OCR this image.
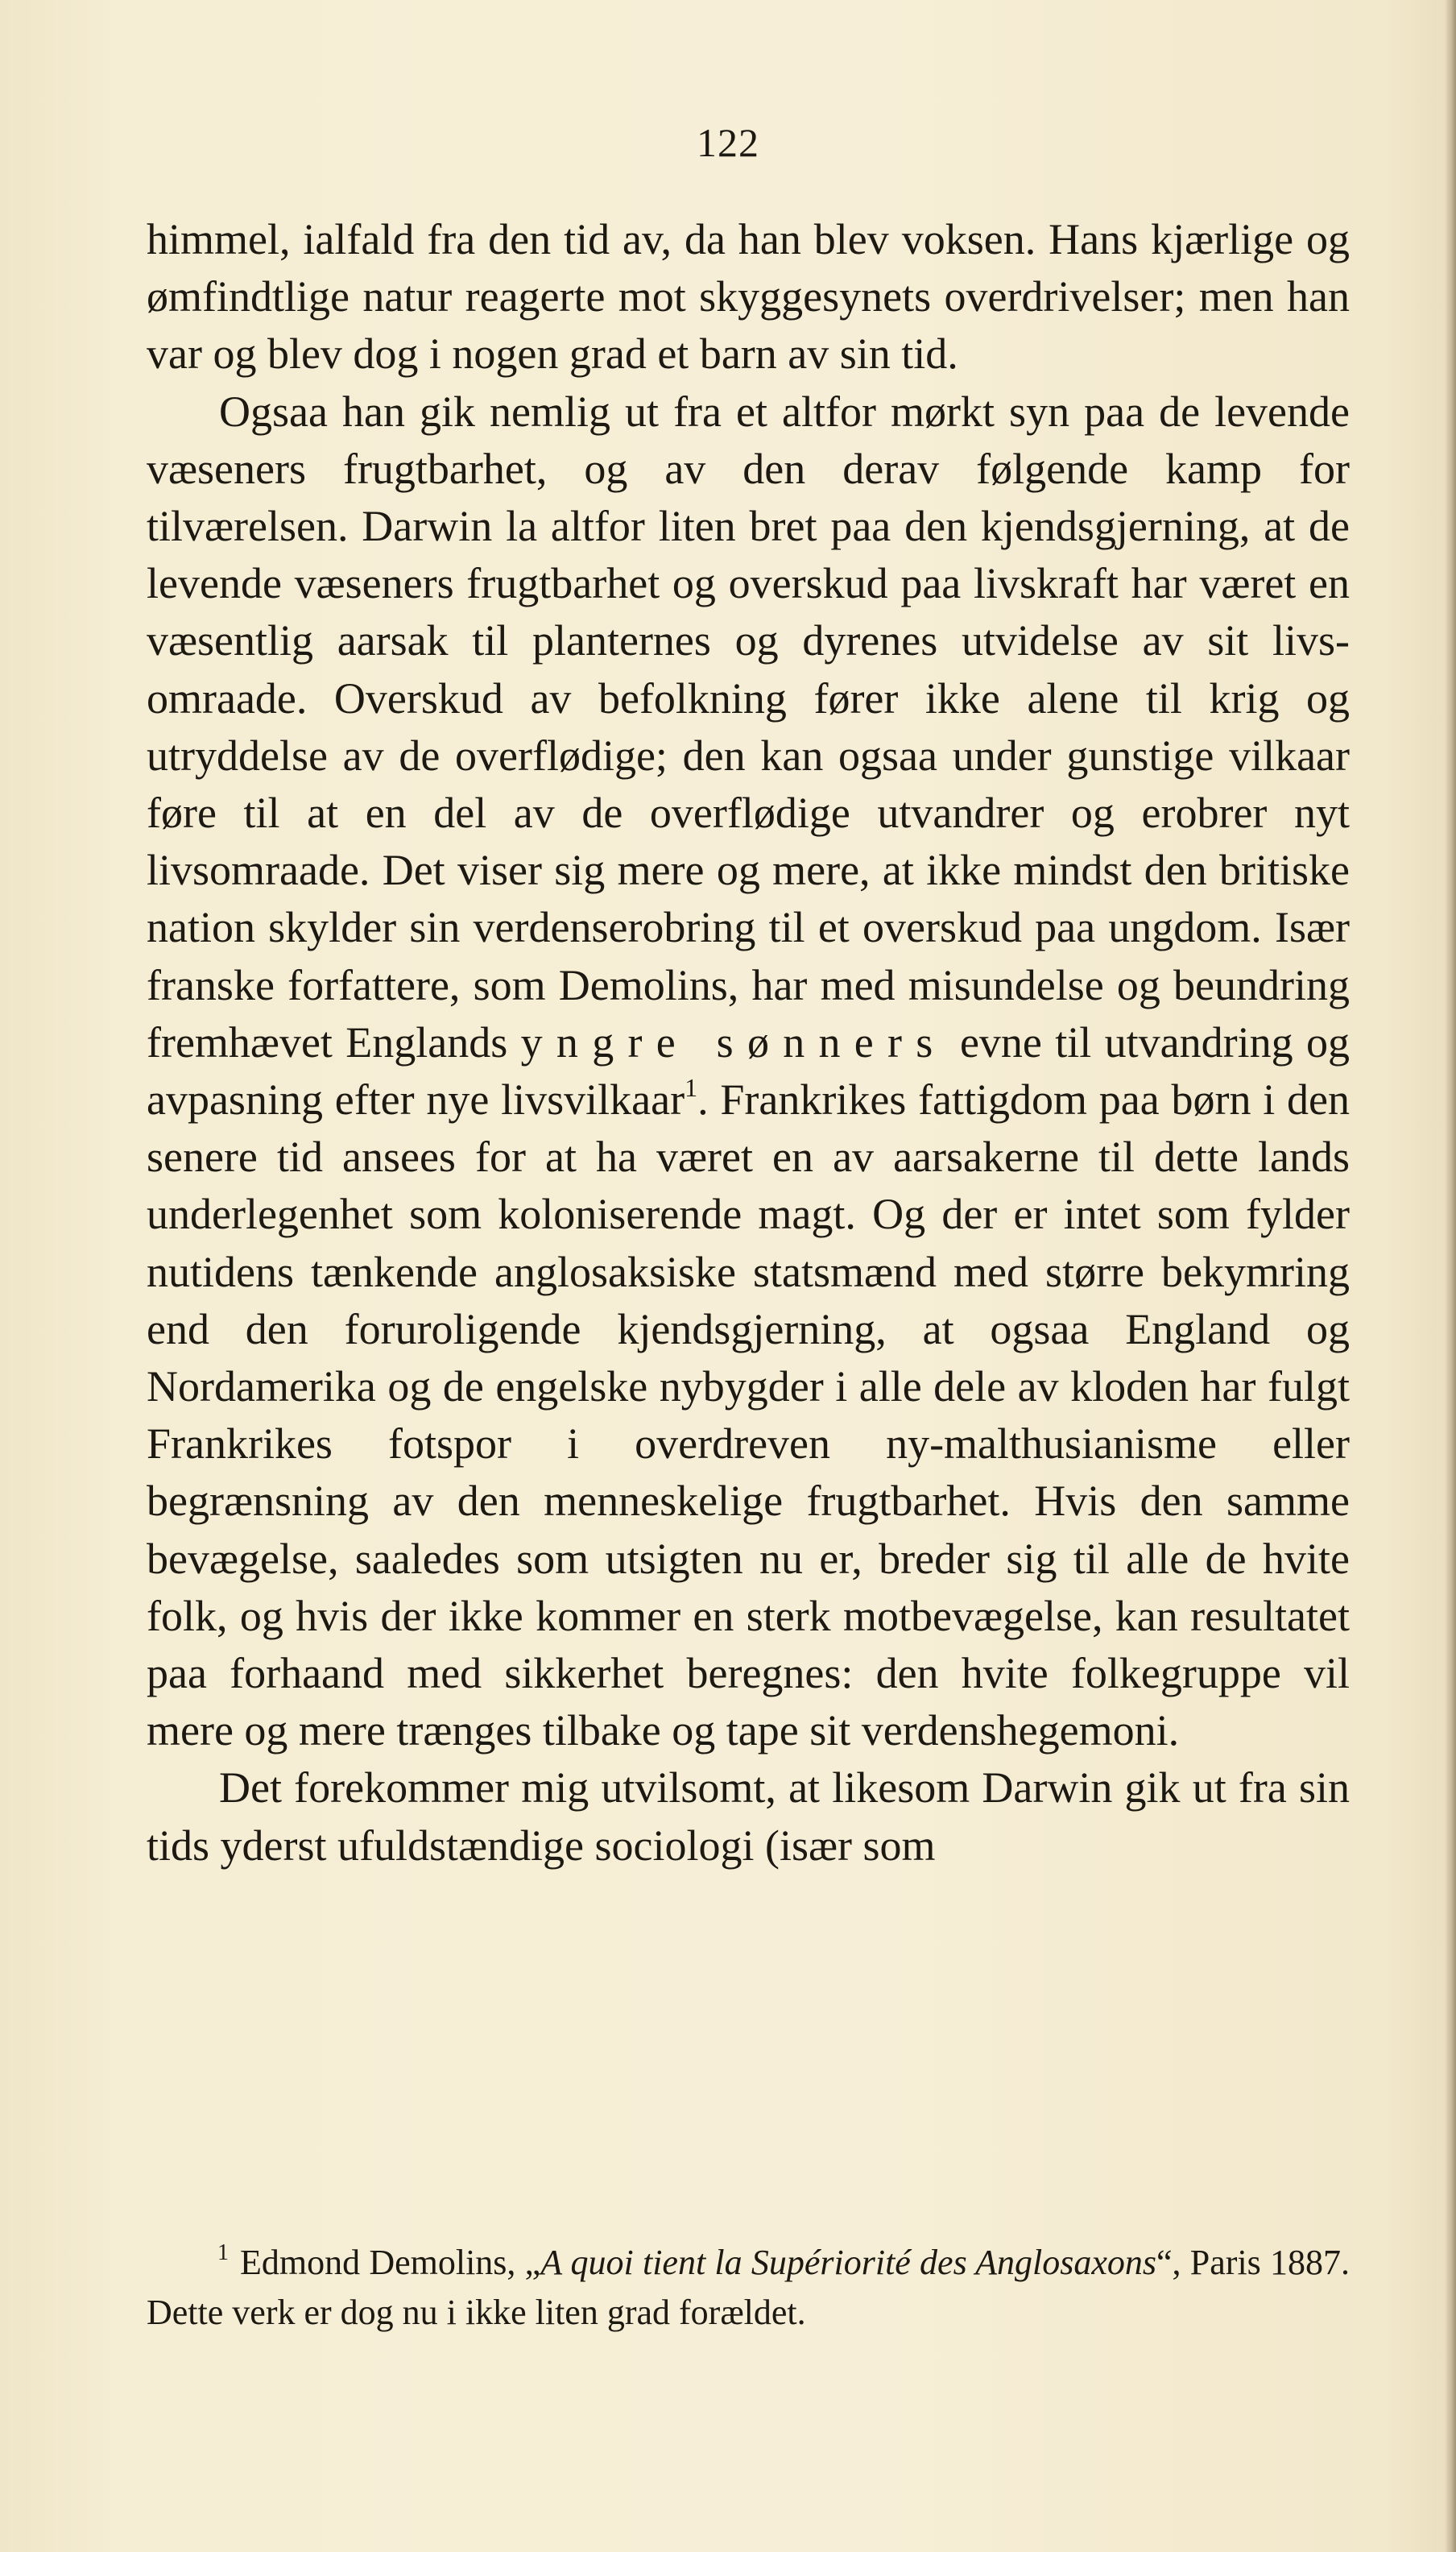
122

himmel, ialfald fra den tid av, da han blev voksen. Hans kjærlige og ømfindtlige natur reagerte mot skyggesynets overdrivelser; men han var og blev dog i nogen grad et barn av sin tid.

Ogsaa han gik nemlig ut fra et altfor mørkt syn paa de levende væseners frugtbarhet, og av den derav følgende kamp for tilværelsen. Darwin la altfor liten bret paa den kjendsgjerning, at de levende væseners frugtbarhet og overskud paa livskraft har været en væsentlig aarsak til planternes og dyrenes utvidelse av sit livsomraade. Overskud av befolkning fører ikke alene til krig og utryddelse av de overflødige; den kan ogsaa under gunstige vilkaar føre til at en del av de overflødige utvandrer og erobrer nyt livsomraade. Det viser sig mere og mere, at ikke mindst den britiske nation skylder sin verdenserobring til et overskud paa ungdom. Især franske forfattere, som Demolins, har med misundelse og beundring fremhævet Englands yngre sønners evne til utvandring og avpasning efter nye livsvilkaar$^1$. Frankrikes fattigdom paa børn i den senere tid ansees for at ha været en av aarsakerne til dette lands underlegenhet som koloniserende magt. Og der er intet som fylder nutidens tænkende anglosaksiske statsmænd med større bekymring end den foruroligende kjendsgjerning, at ogsaa England og Nordamerika og de engelske nybygder i alle dele av kloden har fulgt Frankrikes fotspor i overdreven ny-malthusianisme eller begrænsning av den menneskelige frugtbarhet. Hvis den samme bevægelse, saaledes som utsigten nu er, breder sig til alle de hvite folk, og hvis der ikke kommer en sterk motbevægelse, kan resultatet paa forhaand med sikkerhet beregnes: den hvite folkegruppe vil mere og mere trænges tilbake og tape sit verdenshegemoni.

Det forekommer mig utvilsomt, at likesom Darwin gik ut fra sin tids yderst ufuldstændige sociologi (især som

$^1$ Edmond Demolins, „A quoi tient la Supériorité des Anglosaxons“, Paris 1887. Dette verk er dog nu i ikke liten grad forældet.
